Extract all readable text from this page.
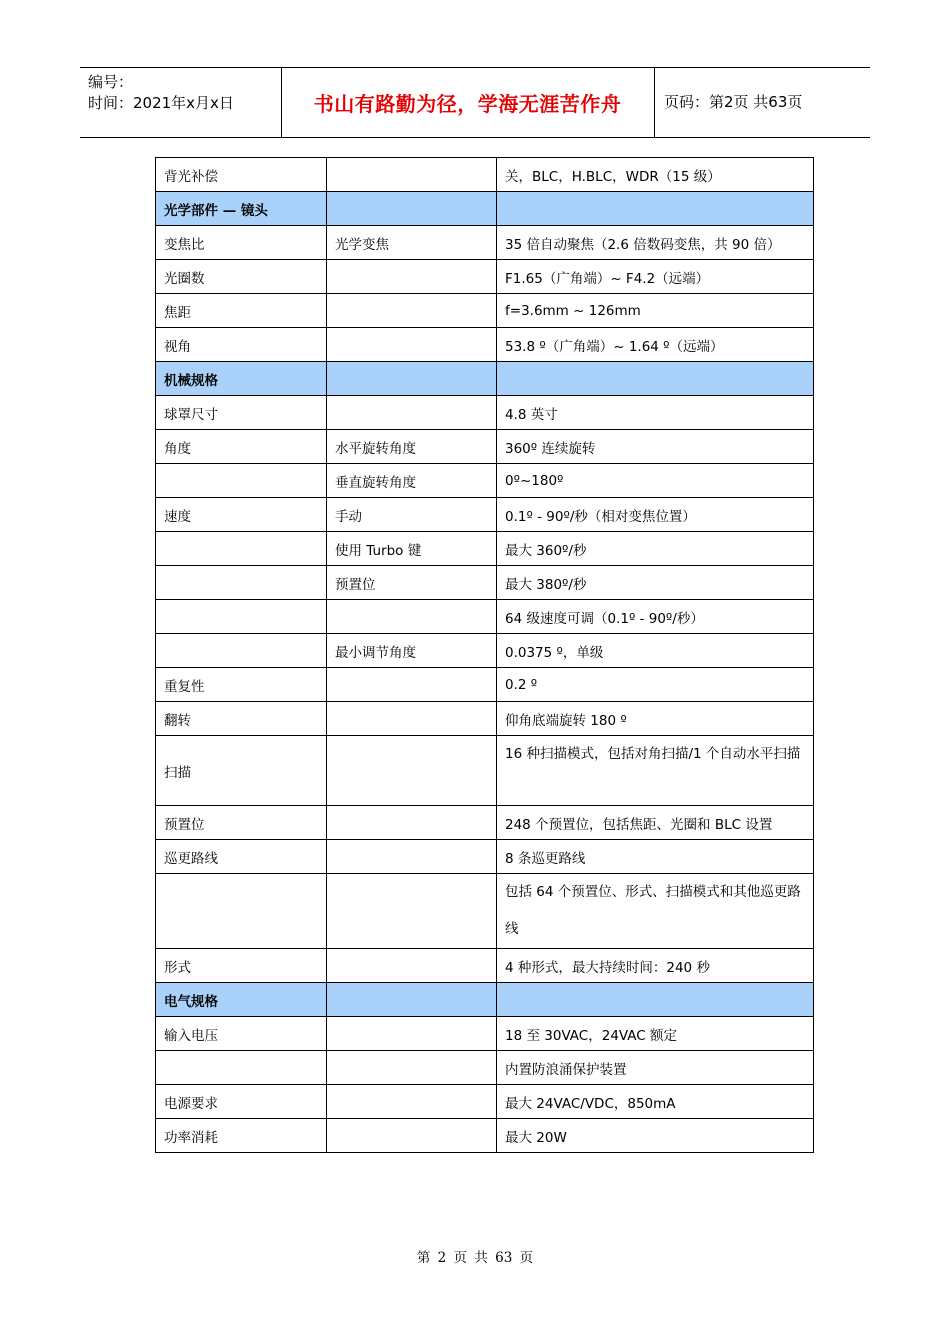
编号：
时间：2021年x月x日	书山有路勤为径，学海无涯苦作舟	页码：第2页 共63页
背光补偿		关，BLC，H.BLC，WDR（15 级）
光学部件 — 镜头		
变焦比	光学变焦	35 倍自动聚焦（2.6 倍数码变焦，共 90 倍）
光圈数		F1.65（广角端）~ F4.2（远端）
焦距		f=3.6mm ~ 126mm
视角		53.8 º（广角端）~ 1.64 º（远端）
机械规格		
球罩尺寸		4.8 英寸
角度	水平旋转角度	360º 连续旋转
	垂直旋转角度	0º~180º
速度	手动	0.1º - 90º/秒（相对变焦位置）
	使用 Turbo 键	最大 360º/秒
	预置位	最大 380º/秒
		64 级速度可调（0.1º - 90º/秒）
	最小调节角度	0.0375 º，单级
重复性		0.2 º
翻转		仰角底端旋转 180 º
扫描		16 种扫描模式，包括对角扫描/1 个自动水平扫描
预置位		248 个预置位，包括焦距、光圈和 BLC 设置
巡更路线		8 条巡更路线
		包括 64 个预置位、形式、扫描模式和其他巡更路线
形式		4 种形式，最大持续时间：240 秒
电气规格		
输入电压		18 至 30VAC，24VAC 额定
		内置防浪涌保护装置
电源要求		最大 24VAC/VDC，850mA
功率消耗		最大 20W
第 2 页 共 63 页
